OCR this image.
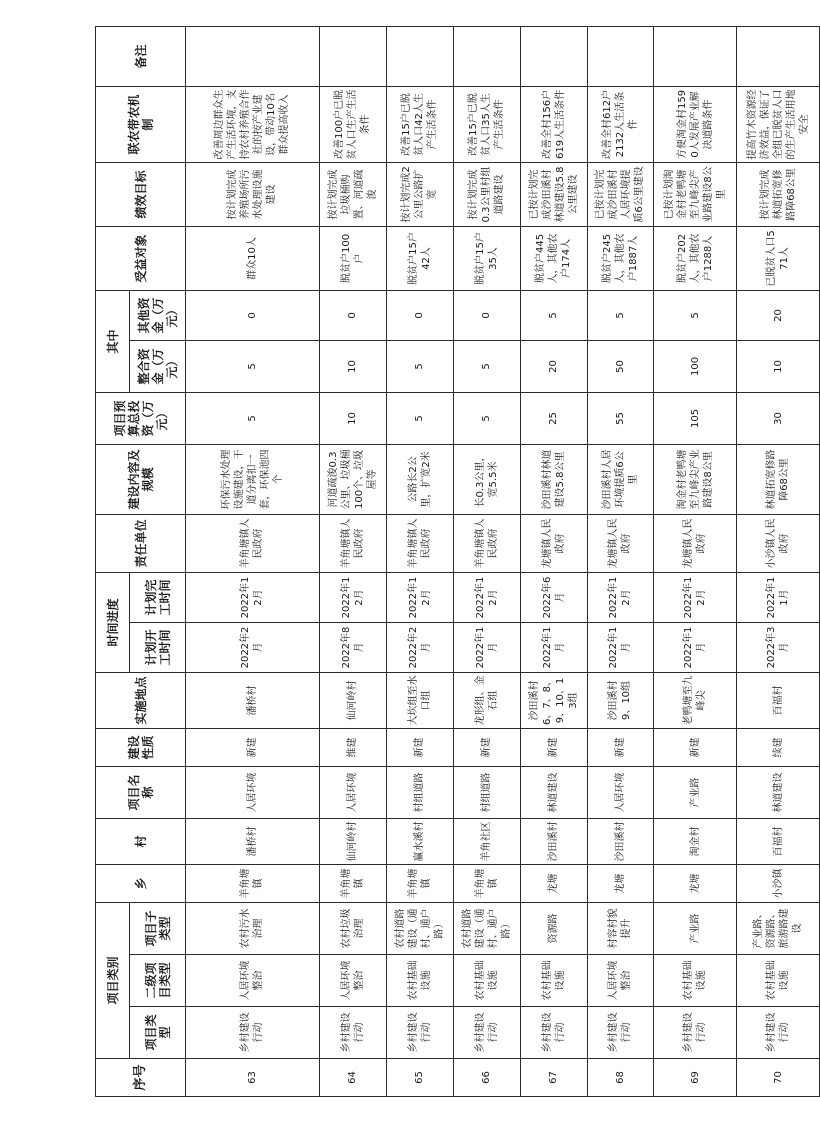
序号	项目类别			乡	村	项目名称	建设性质	实施地点	时间进度		责任单位	建设内容及规模	项目预算总投资（万元）	其中		受益对象	绩效目标	联农带农机制	备注
	项目类型	二级项目类型	项目子类型						计划开工时间	计划完工时间				整合资金（万元）	其他资金（万元）				

63	乡村建设行动	人居环境整治	农村污水治理	羊角塘镇	潘桥村	人居环境	新建	潘桥村	2022年2月	2022年12月	羊角塘镇人民政府	环保污水处理设施建设，干道分离扣一套，环保池四个	5	5	0	群众10人	按计划完成养殖场所污水处理设施建设	改善周边群众生产生活环境，支持农村养殖合作社的按产业建设，带动10名群众提高收入	
64	乡村建设行动	人居环境整治	农村垃圾治理	羊角塘镇	仙河岭村	人居环境	维建	仙河岭村	2022年8月	2022年12月	羊角塘镇人民政府	河道疏浚0.3公里、垃圾桶100个、垃圾屋等	10	10	0	脱贫户100户	按计划完成垃圾桶购置、河道疏浚	改善100户已脱贫人口生产生活条件	
65	乡村建设行动	农村基础设施	农村道路建设（通村、通户路）	羊角塘镇	赢水溪村	村组道路	新建	大坎组至水口组	2022年2月	2022年12月	羊角塘镇人民政府	公路长2公里，扩宽2米	5	5	0	脱贫户15户42人	按计划完成2公里公路扩宽	改善15户已脱贫人口42人生产生活条件	
66	乡村建设行动	农村基础设施	农村道路建设（通村、通户路）	羊角塘镇	羊角社区	村组道路	新建	龙形组、金石组	2022年1月	2022年12月	羊角塘镇人民政府	长0.3公里，宽5.5米	5	5	0	脱贫户15户35人	按计划完成0.3公里村组道路建设	改善15户已脱贫人口35人生产生活条件	
67	乡村建设行动	农村基础设施	资源路	龙塘	沙田溪村	林道建设	新建	沙田溪村6、7、8、9、10、13组	2022年1月	2022年6月	龙塘镇人民政府	沙田溪村林道建设5.8公里	25	20	5	脱贫户445人，其他农户174人	已按计划完成沙田溪村林道建设5.8公里建设	改善全村156户619人生活条件	
68	乡村建设行动	人居环境整治	村容村貌提升	龙塘	沙田溪村	人居环境	新建	沙田溪村9、10组	2022年1月	2022年12月	龙塘镇人民政府	沙田溪村人居环境提质6公里	55	50	5	脱贫户245人，其他农户1887人	已按计划完成沙田溪村人居环境提质6公里建设	改善全村612户2132人生活条件	
69	乡村建设行动	农村基础设施	产业路	龙塘	淘金村	产业路	新建	老鸭塘至九峰尖	2022年1月	2022年12月	龙塘镇人民政府	淘金村老鸭塘至九峰尖产业路建设8公里	105	100	5	脱贫户202人，其他农户1288人	已按计划淘金村老鸭塘至九峰尖产业路建设8公里	方便淘金村1590人发展产业解决道路条件	
70	乡村建设行动	农村基础设施	产业路、资源路、旅游路建设	小沙镇	百福村	林道建设	续建	百福村	2022年3月	2022年11月	小沙镇人民政府	林道拓宽修路障68公里	30	10	20	已脱贫人口571人	按计划完成林道拓宽修路障68公里	提高竹木资源经济效益，保证了全组已脱贫人口的生产生活用地安全	
